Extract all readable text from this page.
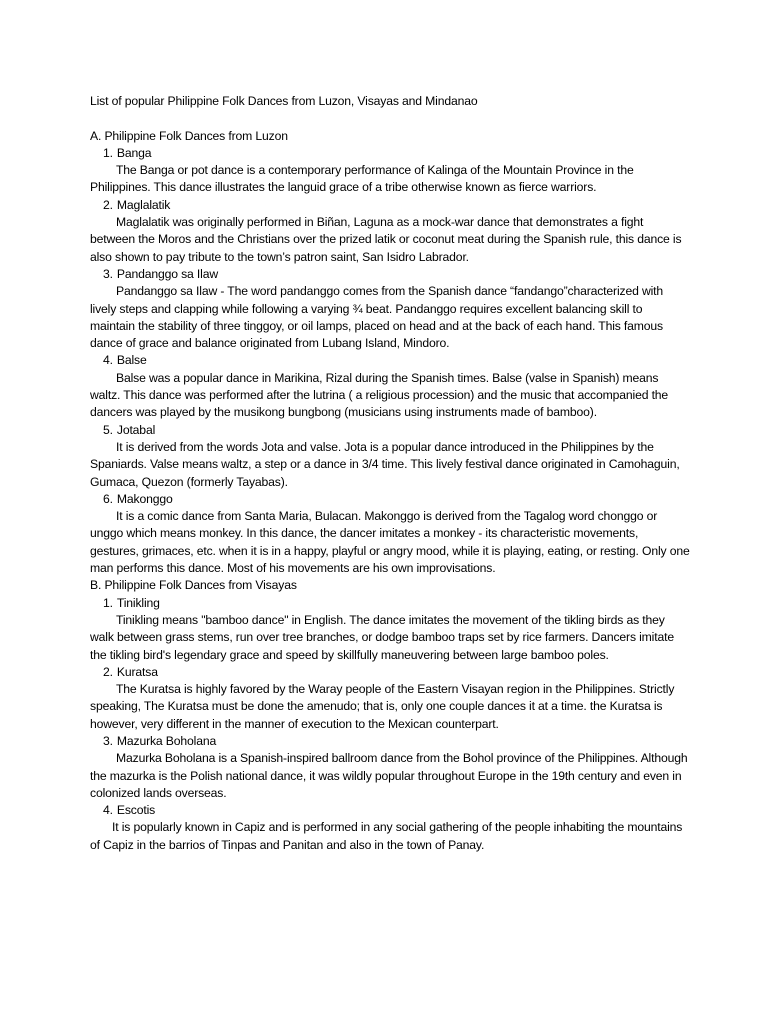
List of popular Philippine Folk Dances from Luzon, Visayas and Mindanao

A. Philippine Folk Dances from Luzon

1. Banga

The Banga or pot dance is a contemporary performance of Kalinga of the Mountain Province in the Philippines. This dance illustrates the languid grace of a tribe otherwise known as fierce warriors.

2. Maglalatik

Maglalatik was originally performed in Biñan, Laguna as a mock-war dance that demonstrates a fight between the Moros and the Christians over the prized latik or coconut meat during the Spanish rule, this dance is also shown to pay tribute to the town’s patron saint, San Isidro Labrador.

3. Pandanggo sa Ilaw

Pandanggo sa Ilaw - The word pandanggo comes from the Spanish dance “fandango”characterized with lively steps and clapping while following a varying ¾ beat. Pandanggo requires excellent balancing skill to maintain the stability of three tinggoy, or oil lamps, placed on head and at the back of each hand. This famous dance of grace and balance originated from Lubang Island, Mindoro.

4. Balse

Balse was a popular dance in Marikina, Rizal during the Spanish times. Balse (valse in Spanish) means waltz. This dance was performed after the lutrina ( a religious procession) and the music that accompanied the dancers was played by the musikong bungbong (musicians using instruments made of bamboo).

5. Jotabal

It is derived from the words Jota and valse. Jota is a popular dance introduced in the Philippines by the Spaniards. Valse means waltz, a step or a dance in 3/4 time. This lively festival dance originated in Camohaguin, Gumaca, Quezon (formerly Tayabas).

6. Makonggo

It is a comic dance from Santa Maria, Bulacan. Makonggo is derived from the Tagalog word chonggo or unggo which means monkey. In this dance, the dancer imitates a monkey - its characteristic movements, gestures, grimaces, etc. when it is in a happy, playful or angry mood, while it is playing, eating, or resting. Only one man performs this dance. Most of his movements are his own improvisations.

B. Philippine Folk Dances from Visayas

1. Tinikling

Tinikling means "bamboo dance" in English. The dance imitates the movement of the tikling birds as they walk between grass stems, run over tree branches, or dodge bamboo traps set by rice farmers. Dancers imitate the tikling bird's legendary grace and speed by skillfully maneuvering between large bamboo poles.

2. Kuratsa

The Kuratsa is highly favored by the Waray people of the Eastern Visayan region in the Philippines. Strictly speaking, The Kuratsa must be done the amenudo; that is, only one couple dances it at a time. the Kuratsa is however, very different in the manner of execution to the Mexican counterpart.

3. Mazurka Boholana

Mazurka Boholana is a Spanish-inspired ballroom dance from the Bohol province of the Philippines. Although the mazurka is the Polish national dance, it was wildly popular throughout Europe in the 19th century and even in colonized lands overseas.

4. Escotis

It is popularly known in Capiz and is performed in any social gathering of the people inhabiting the mountains of Capiz in the barrios of Tinpas and Panitan and also in the town of Panay.
